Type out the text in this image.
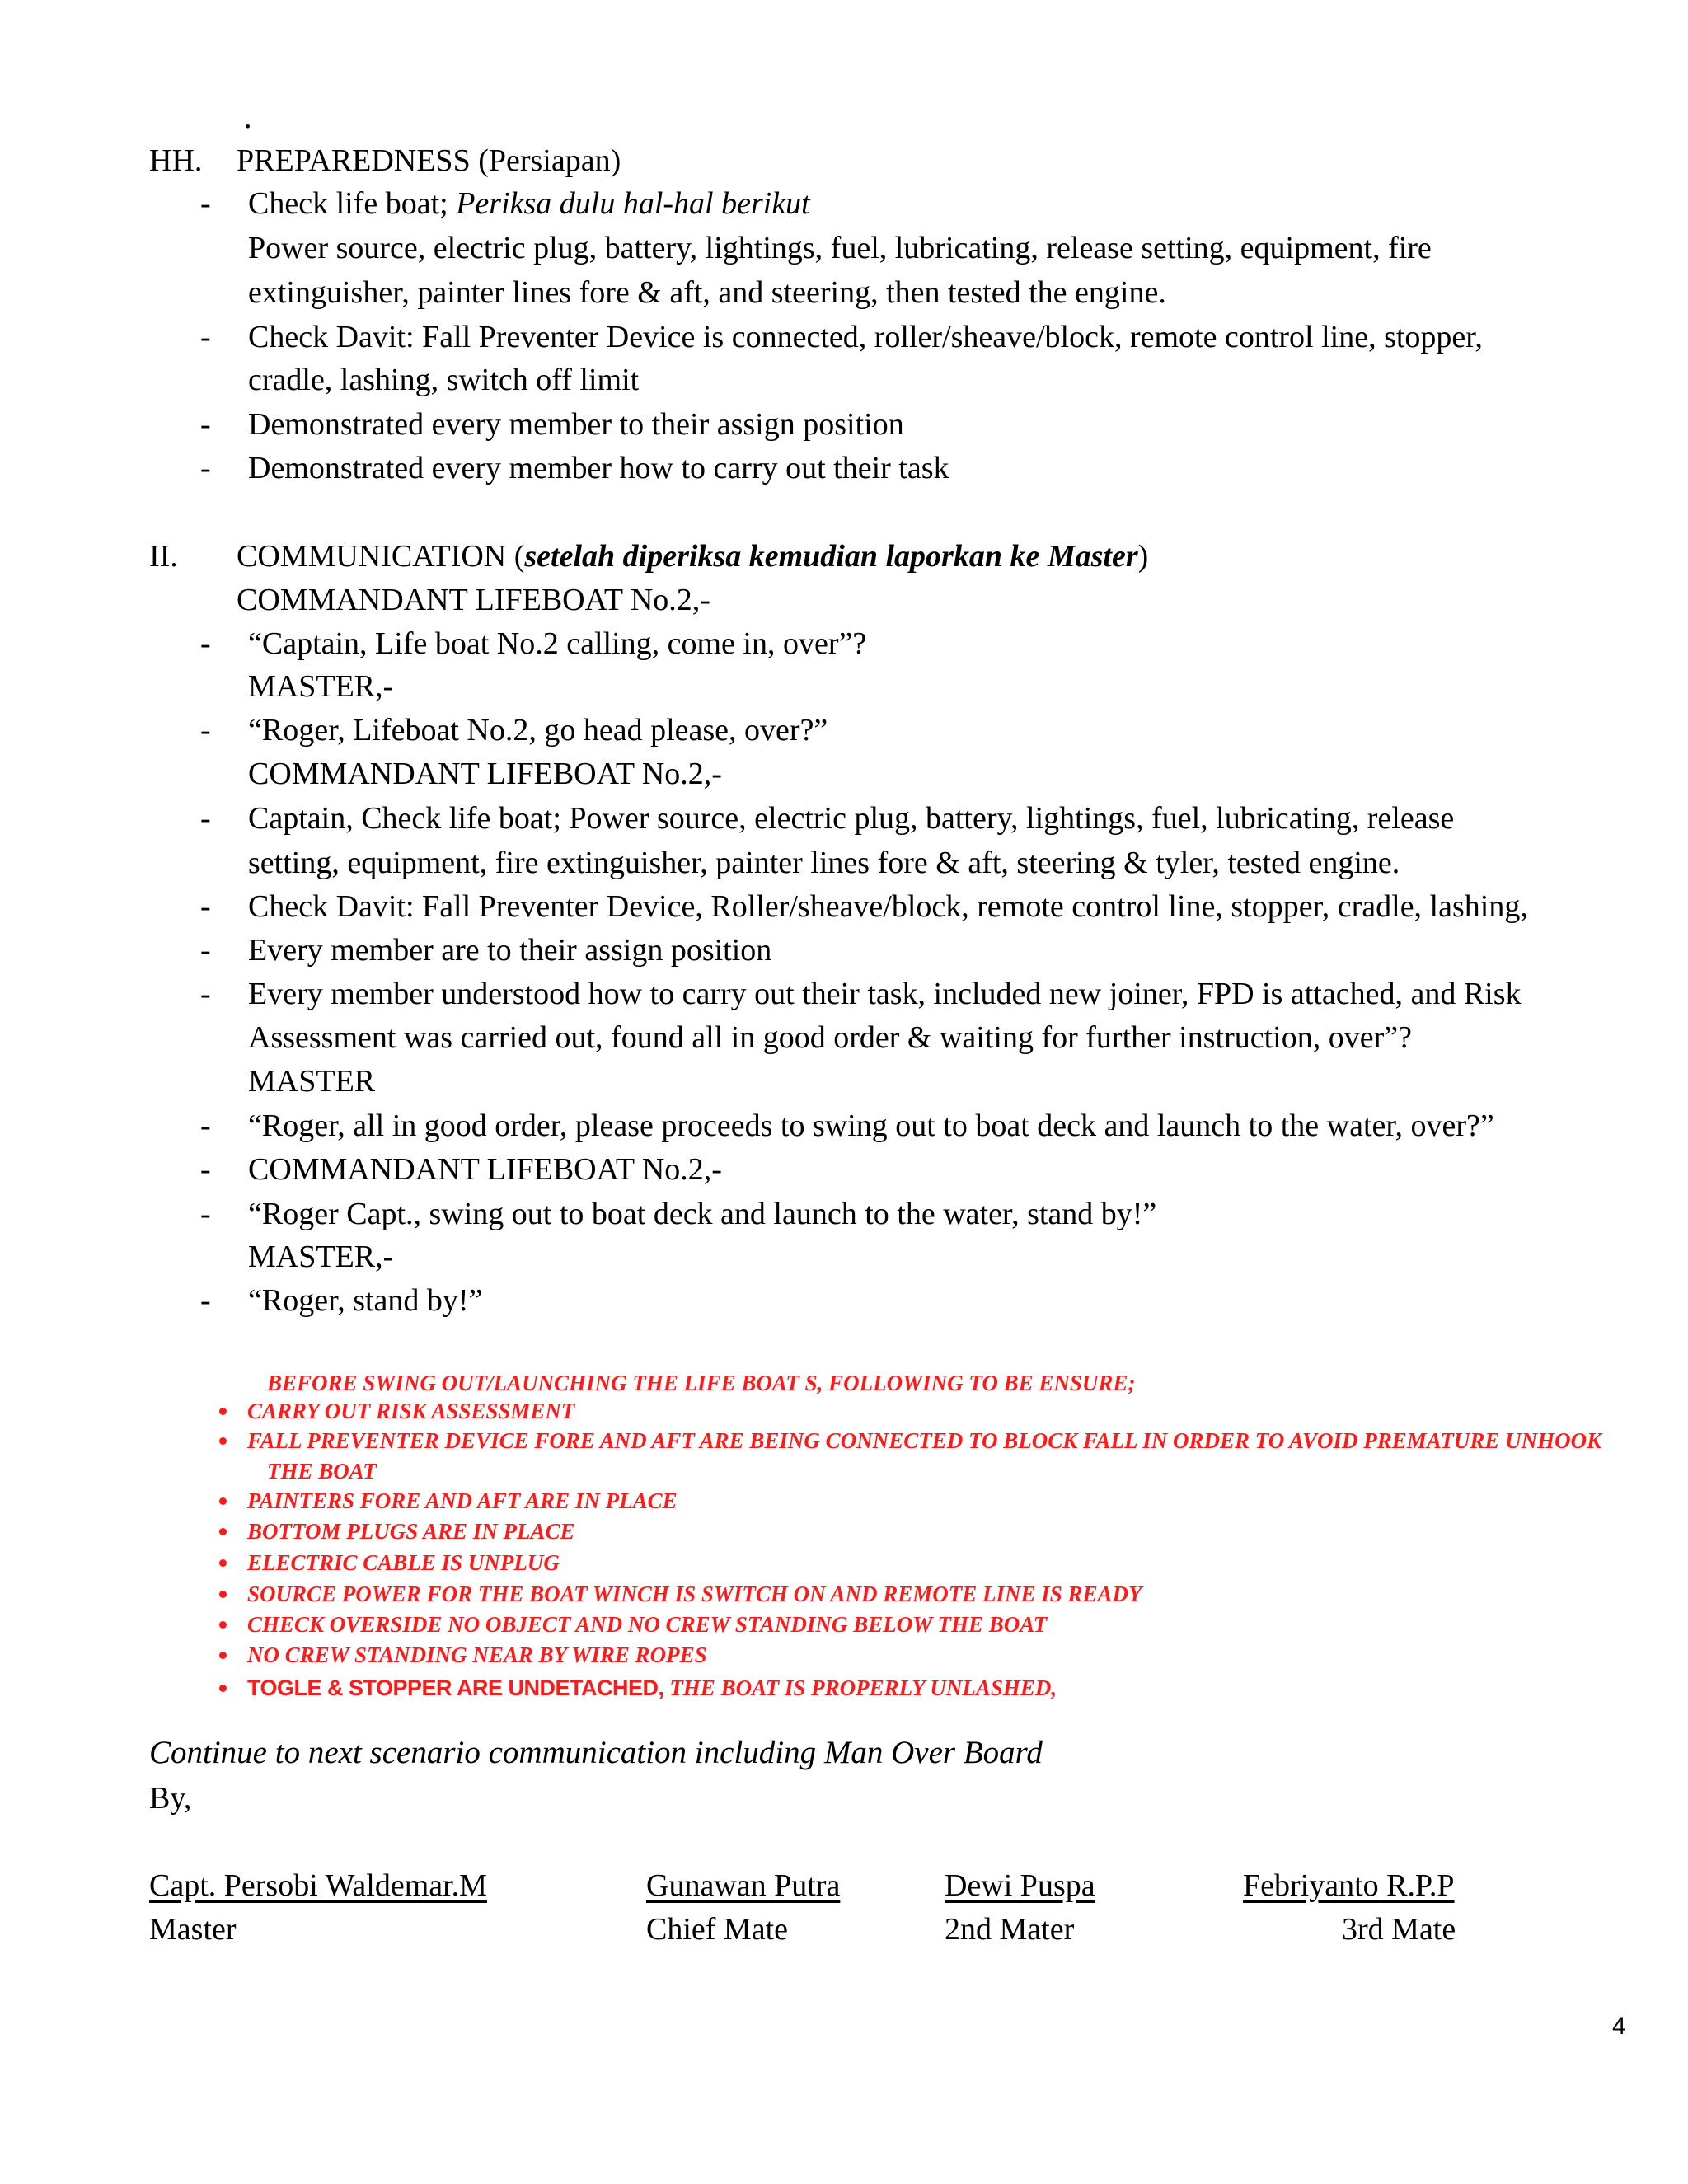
.
HH. PREPAREDNESS (Persiapan)
- Check life boat; Periksa dulu hal-hal berikut
Power source, electric plug, battery, lightings, fuel, lubricating, release setting, equipment, fire
extinguisher, painter lines fore & aft, and steering, then tested the engine.
- Check Davit: Fall Preventer Device is connected, roller/sheave/block, remote control line, stopper,
cradle, lashing, switch off limit
- Demonstrated every member to their assign position
- Demonstrated every member how to carry out their task
II. COMMUNICATION (setelah diperiksa kemudian laporkan ke Master)
COMMANDANT LIFEBOAT No.2,-
- “Captain, Life boat No.2 calling, come in, over”?
MASTER,-
- “Roger, Lifeboat No.2, go head please, over?”
COMMANDANT LIFEBOAT No.2,-
- Captain, Check life boat; Power source, electric plug, battery, lightings, fuel, lubricating, release
setting, equipment, fire extinguisher, painter lines fore & aft, steering & tyler, tested engine.
- Check Davit: Fall Preventer Device, Roller/sheave/block, remote control line, stopper, cradle, lashing,
- Every member are to their assign position
- Every member understood how to carry out their task, included new joiner, FPD is attached, and Risk
Assessment was carried out, found all in good order & waiting for further instruction, over”?
MASTER
- “Roger, all in good order, please proceeds to swing out to boat deck and launch to the water, over?”
- COMMANDANT LIFEBOAT No.2,-
- “Roger Capt., swing out to boat deck and launch to the water, stand by!”
MASTER,-
- “Roger, stand by!”
BEFORE SWING OUT/LAUNCHING THE LIFE BOAT S, FOLLOWING TO BE ENSURE;
CARRY OUT RISK ASSESSMENT
FALL PREVENTER DEVICE FORE AND AFT ARE BEING CONNECTED TO BLOCK FALL IN ORDER TO AVOID PREMATURE UNHOOK
THE BOAT
PAINTERS FORE AND AFT ARE IN PLACE
BOTTOM PLUGS ARE IN PLACE
ELECTRIC CABLE IS UNPLUG
SOURCE POWER FOR THE BOAT WINCH IS SWITCH ON AND REMOTE LINE IS READY
CHECK OVERSIDE NO OBJECT AND NO CREW STANDING BELOW THE BOAT
NO CREW STANDING NEAR BY WIRE ROPES
TOGLE & STOPPER ARE UNDETACHED, THE BOAT IS PROPERLY UNLASHED,
Continue to next scenario communication including Man Over Board
By,
Capt. Persobi Waldemar.M
Master
Gunawan Putra
Chief Mate
Dewi Puspa
2nd Mater
Febriyanto R.P.P
3rd Mate
4
